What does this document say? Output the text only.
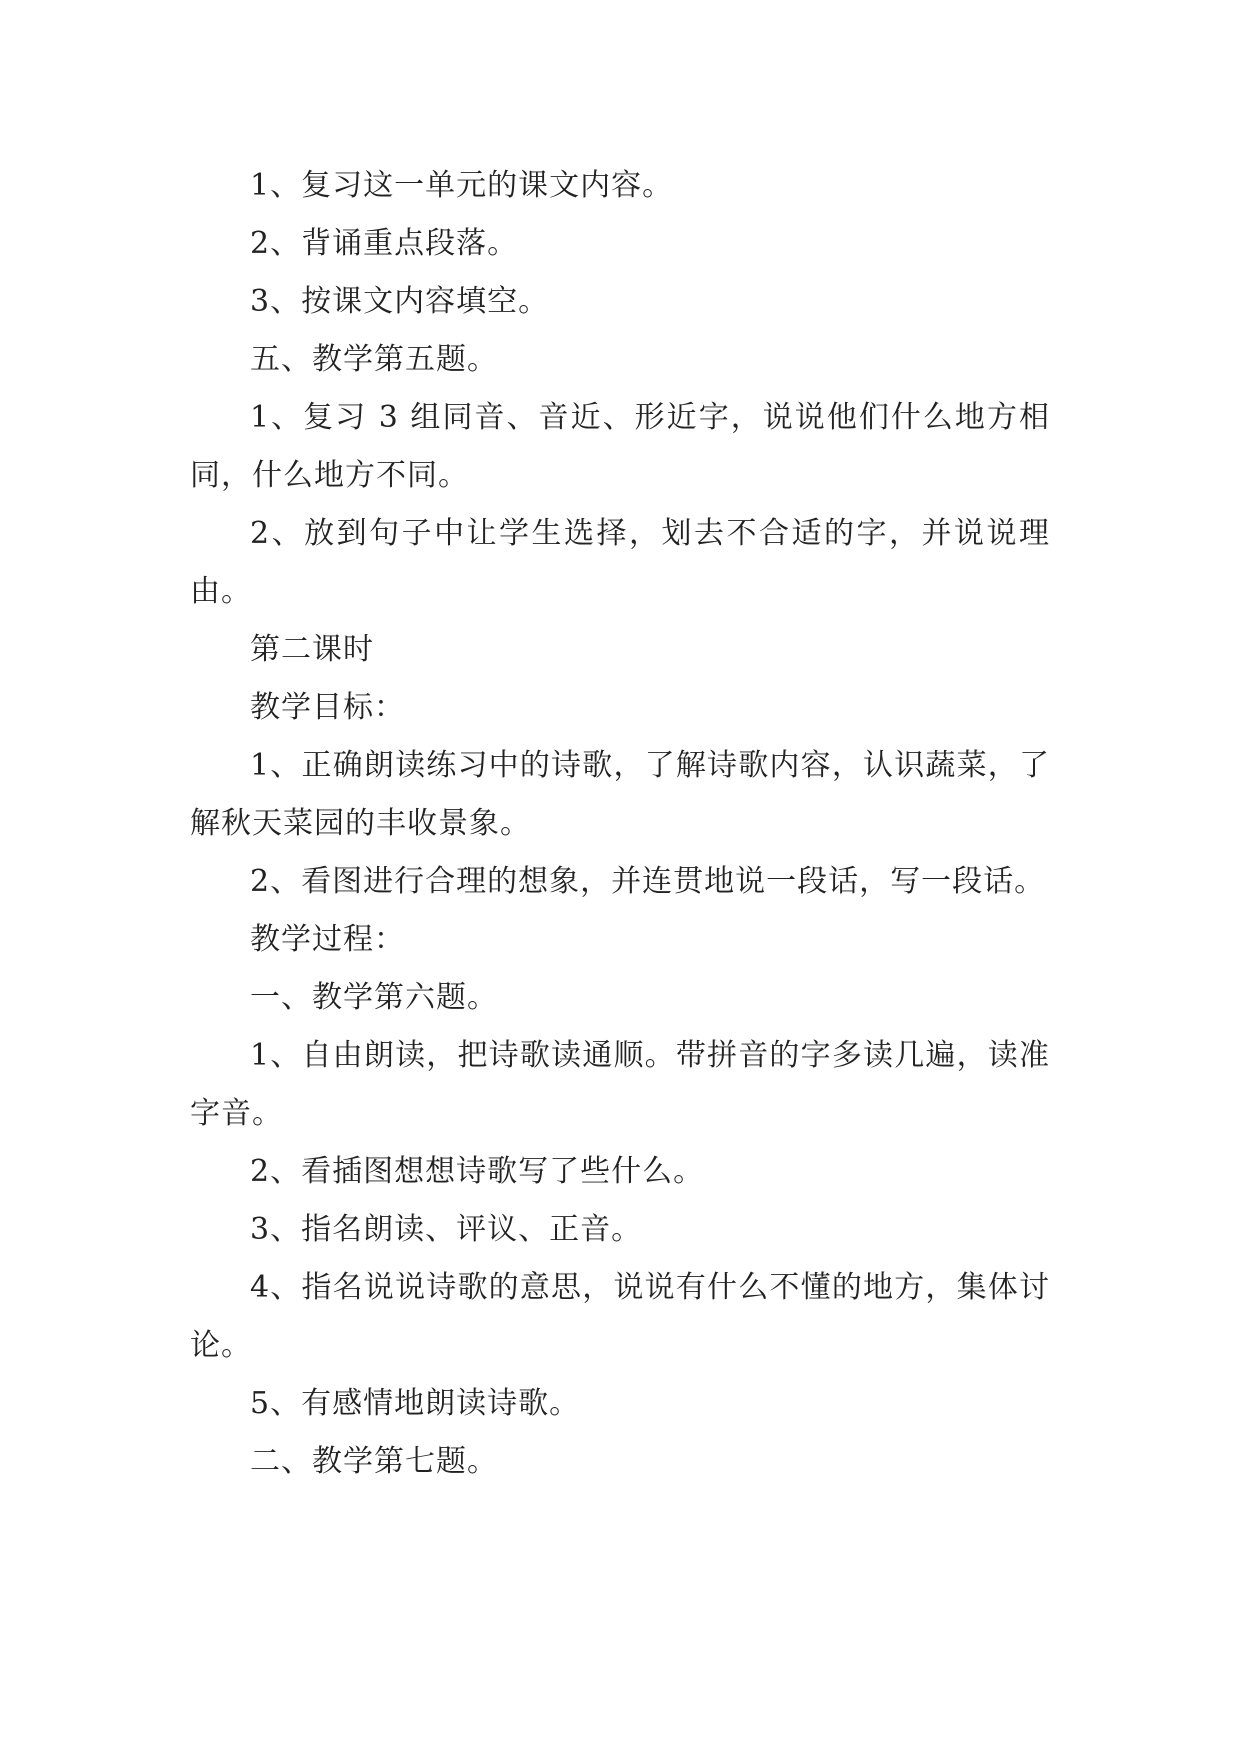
1、复习这一单元的课文内容。

2、背诵重点段落。

3、按课文内容填空。

五、教学第五题。

1、复习 3 组同音、音近、形近字，说说他们什么地方相同，什么地方不同。

2、放到句子中让学生选择，划去不合适的字，并说说理由。

第二课时

教学目标：

1、正确朗读练习中的诗歌，了解诗歌内容，认识蔬菜，了解秋天菜园的丰收景象。

2、看图进行合理的想象，并连贯地说一段话，写一段话。

教学过程：

一、教学第六题。

1、自由朗读，把诗歌读通顺。带拼音的字多读几遍，读准字音。

2、看插图想想诗歌写了些什么。

3、指名朗读、评议、正音。

4、指名说说诗歌的意思，说说有什么不懂的地方，集体讨论。

5、有感情地朗读诗歌。

二、教学第七题。
